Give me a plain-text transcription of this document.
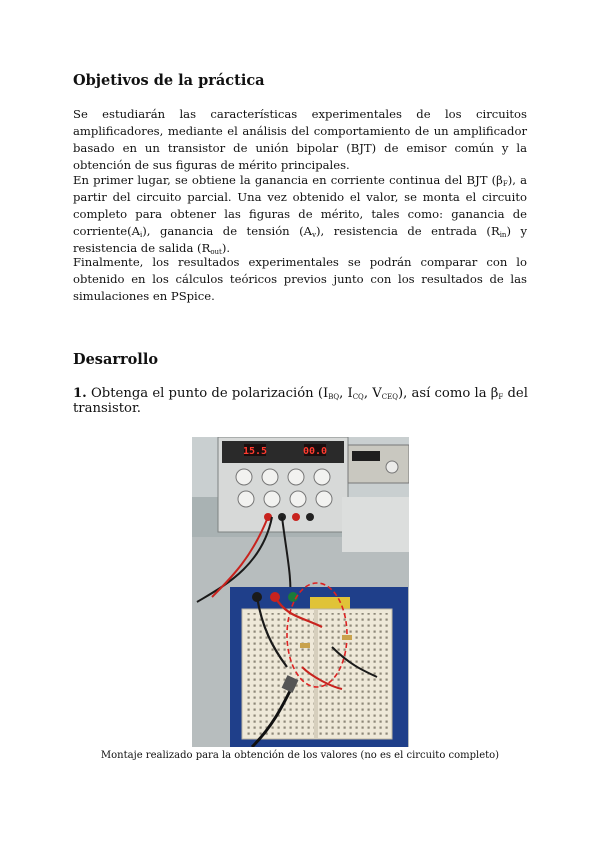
Objetivos de la práctica

Se estudiarán las características experimentales de los circuitos amplificadores, mediante el análisis del comportamiento de un amplificador basado en un transistor de unión bipolar (BJT) de emisor común y la obtención de sus figuras de mérito principales.

En primer lugar, se obtiene la ganancia en corriente continua del BJT $(\beta_F)$, a partir del circuito parcial. Una vez obtenido el valor, se monta el circuito completo para obtener las figuras de mérito, tales como: ganancia de $corriente(A_i)$, ganancia de tensión $(A_v)$, resistencia de entrada $(R_{in})$ y resistencia de salida $(R_{out})$.

Finalmente, los resultados experimentales se podrán comparar con lo obtenido en los cálculos teóricos previos junto con los resultados de las simulaciones en PSpice.

Desarrollo

1. Obtenga el punto de polarización ($I_{BQ}$, $I_{CQ}$, $V_{CEQ}$), así como la $\beta_F$ del transistor.

15.5	00.0

Montaje realizado para la obtención de los valores (no es el circuito completo)
